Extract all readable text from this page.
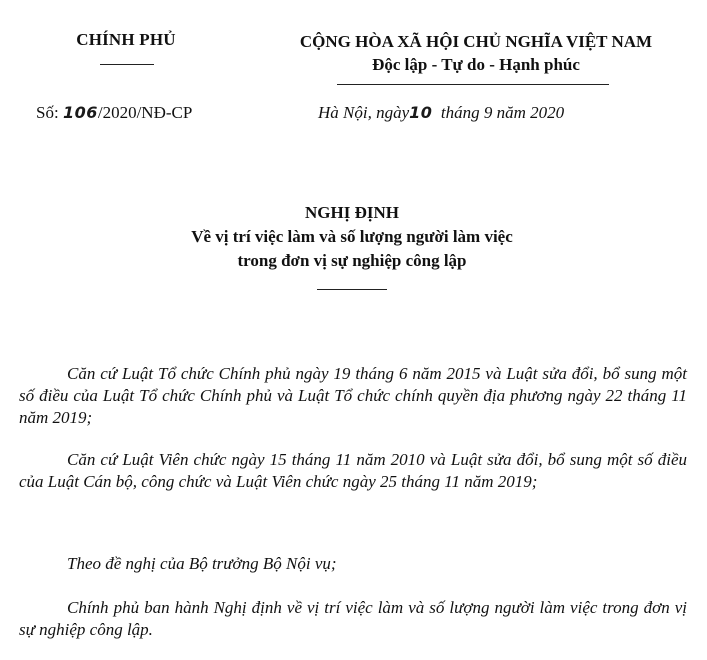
CHÍNH PHỦ	CỘNG HÒA XÃ HỘI CHỦ NGHĨA VIỆT NAM
Độc lập - Tự do - Hạnh phúc
Số: 106/2020/NĐ-CP	Hà Nội, ngày10 tháng 9 năm 2020
NGHỊ ĐỊNH
Về vị trí việc làm và số lượng người làm việc
trong đơn vị sự nghiệp công lập

Căn cứ Luật Tổ chức Chính phủ ngày 19 tháng 6 năm 2015 và Luật sửa đổi, bổ sung một số điều của Luật Tổ chức Chính phủ và Luật Tổ chức chính quyền địa phương ngày 22 tháng 11 năm 2019;

Căn cứ Luật Viên chức ngày 15 tháng 11 năm 2010 và Luật sửa đổi, bổ sung một số điều của Luật Cán bộ, công chức và Luật Viên chức ngày 25 tháng 11 năm 2019;

Theo đề nghị của Bộ trưởng Bộ Nội vụ;

Chính phủ ban hành Nghị định về vị trí việc làm và số lượng người làm việc trong đơn vị sự nghiệp công lập.
